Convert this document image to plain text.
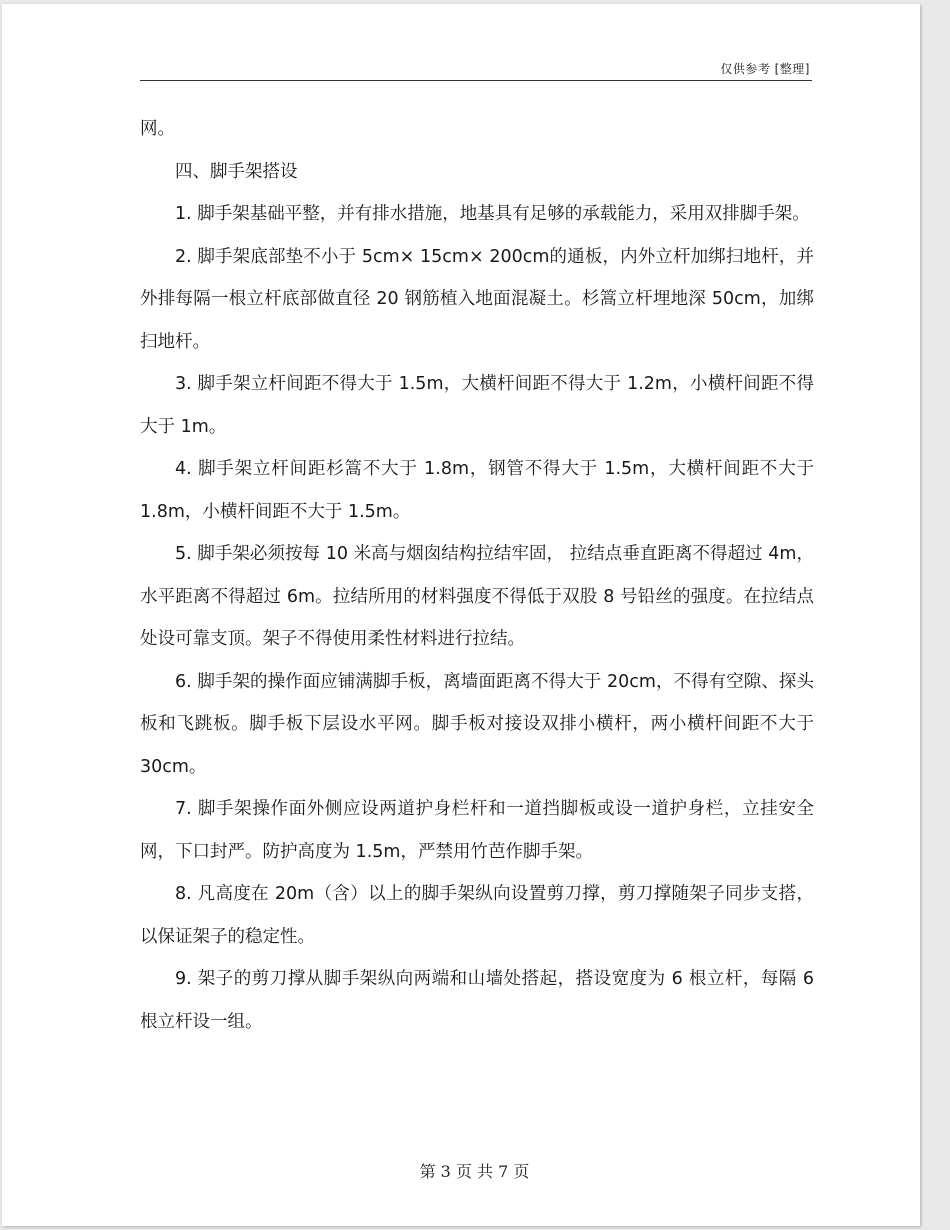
仅供参考 [整理]

网。

四、脚手架搭设

1. 脚手架基础平整，并有排水措施，地基具有足够的承载能力，采用双排脚手架。

2. 脚手架底部垫不小于 5cm× 15cm× 200cm的通板，内外立杆加绑扫地杆，并外排每隔一根立杆底部做直径 20 钢筋植入地面混凝土。杉篙立杆埋地深 50cm，加绑扫地杆。

3. 脚手架立杆间距不得大于 1.5m，大横杆间距不得大于 1.2m，小横杆间距不得大于 1m。

4. 脚手架立杆间距杉篙不大于 1.8m，钢管不得大于 1.5m，大横杆间距不大于 1.8m，小横杆间距不大于 1.5m。

5. 脚手架必须按每 10 米高与烟囱结构拉结牢固， 拉结点垂直距离不得超过 4m，水平距离不得超过 6m。拉结所用的材料强度不得低于双股 8 号铅丝的强度。在拉结点处设可靠支顶。架子不得使用柔性材料进行拉结。

6. 脚手架的操作面应铺满脚手板，离墙面距离不得大于 20cm，不得有空隙、探头板和飞跳板。脚手板下层设水平网。脚手板对接设双排小横杆，两小横杆间距不大于 30cm。

7. 脚手架操作面外侧应设两道护身栏杆和一道挡脚板或设一道护身栏，立挂安全网，下口封严。防护高度为 1.5m，严禁用竹芭作脚手架。

8. 凡高度在 20m（含）以上的脚手架纵向设置剪刀撑，剪刀撑随架子同步支搭，以保证架子的稳定性。

9. 架子的剪刀撑从脚手架纵向两端和山墙处搭起，搭设宽度为 6 根立杆，每隔 6 根立杆设一组。

第 3 页 共 7 页
